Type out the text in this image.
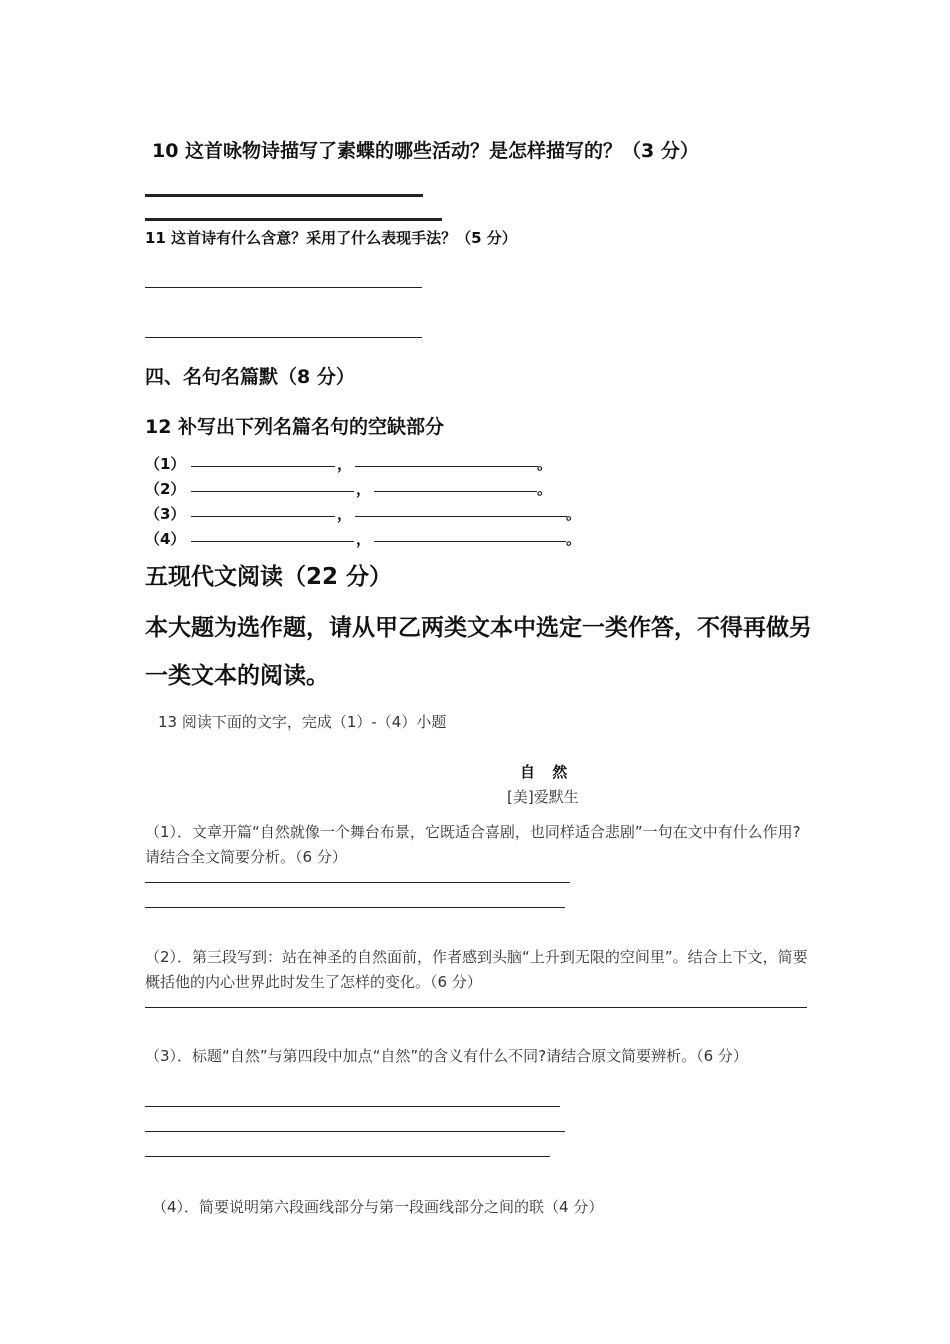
10 这首咏物诗描写了素蝶的哪些活动？是怎样描写的？（3 分）
11 这首诗有什么含意？采用了什么表现手法？（5 分）
四、名句名篇默（8 分）
12 补写出下列名篇名句的空缺部分
（1）	，	。
（2）	，	。
（3）	，	。
（4）	，	。
五现代文阅读（22 分）
本大题为选作题，请从甲乙两类文本中选定一类作答，不得再做另一类文本的阅读。
13 阅读下面的文字，完成（1）-（4）小题
自 然
[美]爱默生
（1）．文章开篇“自然就像一个舞台布景，它既适合喜剧，也同样适合悲剧”一句在文中有什么作用?请结合全文简要分析。（6 分）
（2）．第三段写到：站在神圣的自然面前，作者感到头脑“上升到无限的空间里”。结合上下文，简要概括他的内心世界此时发生了怎样的变化。（6 分）
（3）．标题“自然”与第四段中加点“自然”的含义有什么不同?请结合原文简要辨析。（6 分）
（4）．简要说明第六段画线部分与第一段画线部分之间的联（4 分）
